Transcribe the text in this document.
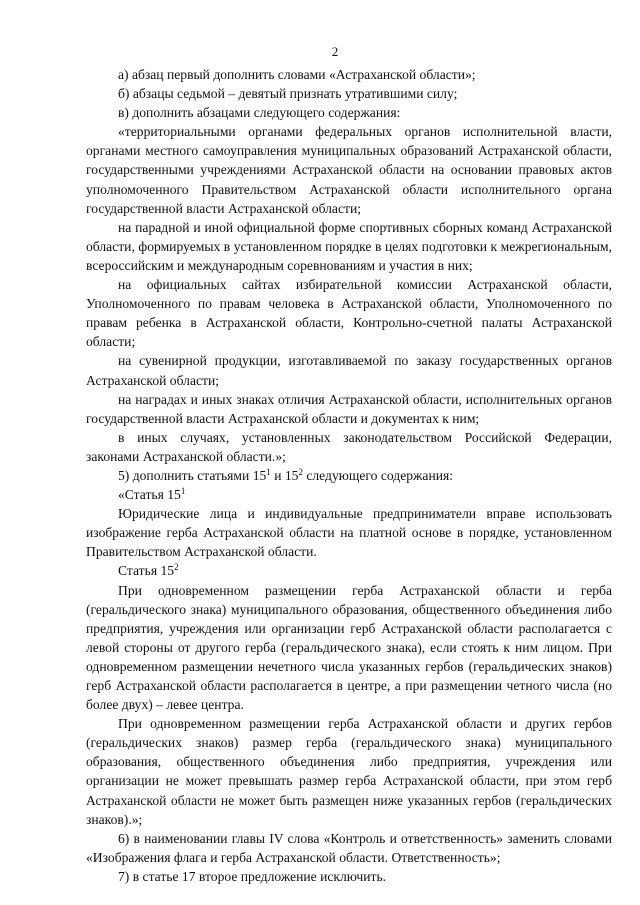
2

а) абзац первый дополнить словами «Астраханской области»;

б) абзацы седьмой – девятый признать утратившими силу;

в) дополнить абзацами следующего содержания:

«территориальными органами федеральных органов исполнительной власти, органами местного самоуправления муниципальных образований Астраханской области, государственными учреждениями Астраханской области на основании правовых актов уполномоченного Правительством Астраханской области исполнительного органа государственной власти Астраханской области;

на парадной и иной официальной форме спортивных сборных команд Астраханской области, формируемых в установленном порядке в целях подготовки к межрегиональным, всероссийским и международным соревнованиям и участия в них;

на официальных сайтах избирательной комиссии Астраханской области, Уполномоченного по правам человека в Астраханской области, Уполномоченного по правам ребенка в Астраханской области, Контрольно-счетной палаты Астраханской области;

на сувенирной продукции, изготавливаемой по заказу государственных органов Астраханской области;

на наградах и иных знаках отличия Астраханской области, исполнительных органов государственной власти Астраханской области и документах к ним;

в иных случаях, установленных законодательством Российской Федерации, законами Астраханской области.»;

5) дополнить статьями $15^1$ и $15^2$ следующего содержания:

«Статья $15^1$

Юридические лица и индивидуальные предприниматели вправе использовать изображение герба Астраханской области на платной основе в порядке, установленном Правительством Астраханской области.

Статья $15^2$

При одновременном размещении герба Астраханской области и герба (геральдического знака) муниципального образования, общественного объединения либо предприятия, учреждения или организации герб Астраханской области располагается с левой стороны от другого герба (геральдического знака), если стоять к ним лицом. При одновременном размещении нечетного числа указанных гербов (геральдических знаков) герб Астраханской области располагается в центре, а при размещении четного числа (но более двух) – левее центра.

При одновременном размещении герба Астраханской области и других гербов (геральдических знаков) размер герба (геральдического знака) муниципального образования, общественного объединения либо предприятия, учреждения или организации не может превышать размер герба Астраханской области, при этом герб Астраханской области не может быть размещен ниже указанных гербов (геральдических знаков).»;

6) в наименовании главы IV слова «Контроль и ответственность» заменить словами «Изображения флага и герба Астраханской области. Ответственность»;

7) в статье 17 второе предложение исключить.
